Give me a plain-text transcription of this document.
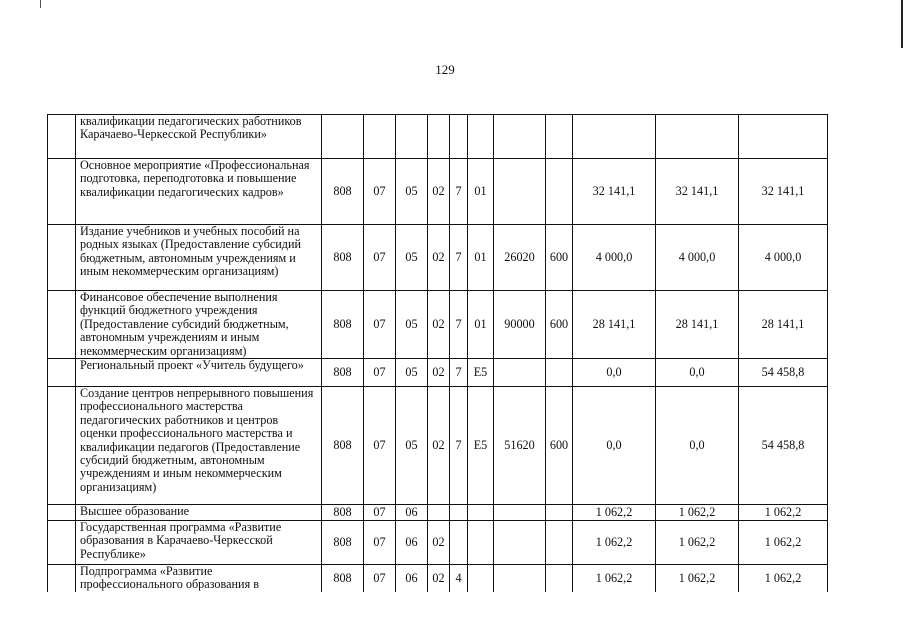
129
	квалификации педагогических работников Карачаево-Черкесской Республики»											
	Основное мероприятие «Профессиональная подготовка, переподготовка и повышение квалификации педагогических кадров»	808	07	05	02	7	01			32 141,1	32 141,1	32 141,1
	Издание учебников и учебных пособий на родных языках (Предоставление субсидий бюджетным, автономным учреждениям и иным некоммерческим организациям)	808	07	05	02	7	01	26020	600	4 000,0	4 000,0	4 000,0
	Финансовое обеспечение выполнения функций бюджетного учреждения (Предоставление субсидий бюджетным, автономным учреждениям и иным некоммерческим организациям)	808	07	05	02	7	01	90000	600	28 141,1	28 141,1	28 141,1
	Региональный проект «Учитель будущего»	808	07	05	02	7	E5			0,0	0,0	54 458,8
	Создание центров непрерывного повышения профессионального мастерства педагогических работников и центров оценки профессионального мастерства и квалификации педагогов (Предоставление субсидий бюджетным, автономным учреждениям и иным некоммерческим организациям)	808	07	05	02	7	E5	51620	600	0,0	0,0	54 458,8
	Высшее образование	808	07	06						1 062,2	1 062,2	1 062,2
	Государственная программа «Развитие образования в Карачаево-Черкесской Республике»	808	07	06	02					1 062,2	1 062,2	1 062,2
	Подпрограмма «Развитие профессионального образования в	808	07	06	02	4				1 062,2	1 062,2	1 062,2
